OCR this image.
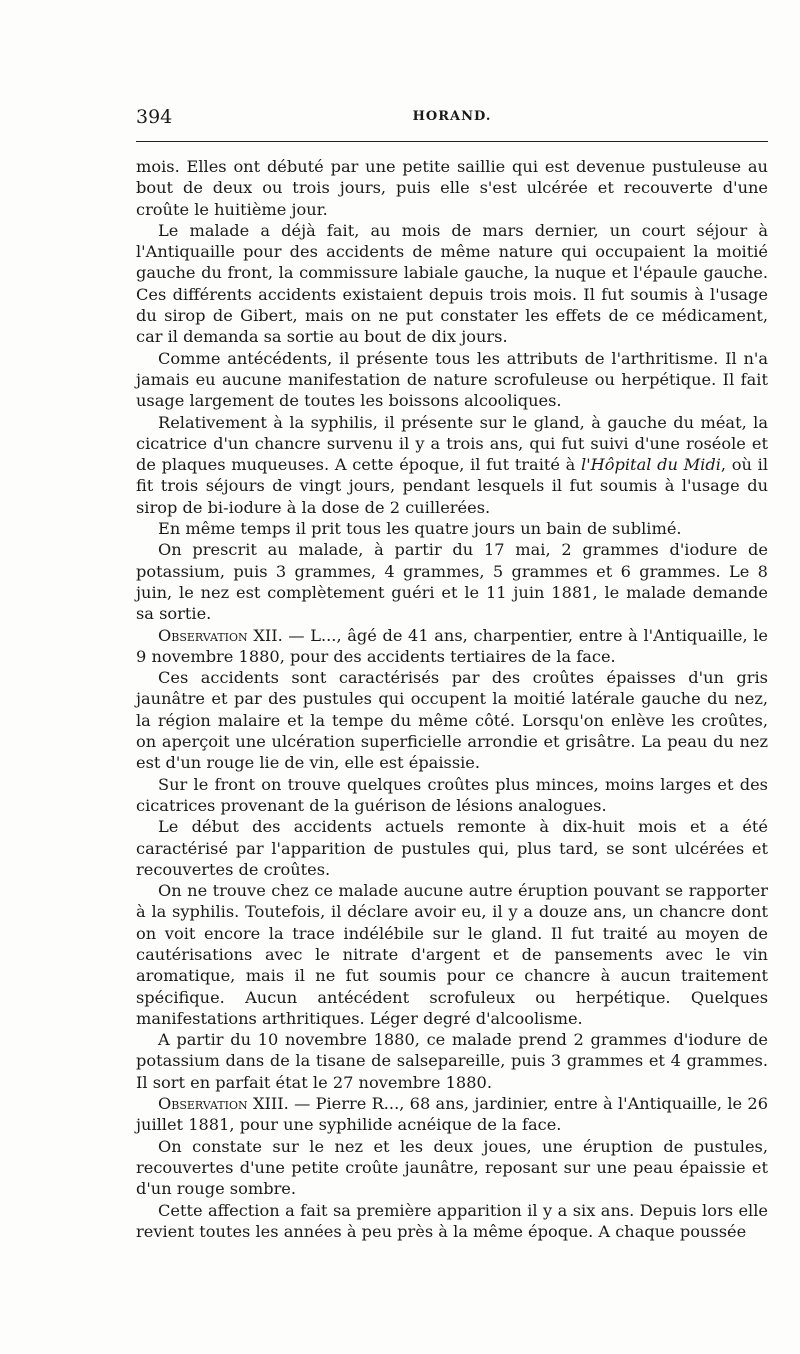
394	HORAND.

mois. Elles ont débuté par une petite saillie qui est devenue pustuleuse au bout de deux ou trois jours, puis elle s'est ulcérée et recouverte d'une croûte le huitième jour.

Le malade a déjà fait, au mois de mars dernier, un court séjour à l'Antiquaille pour des accidents de même nature qui occupaient la moitié gauche du front, la commissure labiale gauche, la nuque et l'épaule gauche. Ces différents accidents existaient depuis trois mois. Il fut soumis à l'usage du sirop de Gibert, mais on ne put constater les effets de ce médicament, car il demanda sa sortie au bout de dix jours.

Comme antécédents, il présente tous les attributs de l'arthritisme. Il n'a jamais eu aucune manifestation de nature scrofuleuse ou herpétique. Il fait usage largement de toutes les boissons alcooliques.

Relativement à la syphilis, il présente sur le gland, à gauche du méat, la cicatrice d'un chancre survenu il y a trois ans, qui fut suivi d'une roséole et de plaques muqueuses. A cette époque, il fut traité à l'Hôpital du Midi, où il fit trois séjours de vingt jours, pendant lesquels il fut soumis à l'usage du sirop de bi-iodure à la dose de 2 cuillerées.

En même temps il prit tous les quatre jours un bain de sublimé.

On prescrit au malade, à partir du 17 mai, 2 grammes d'iodure de potassium, puis 3 grammes, 4 grammes, 5 grammes et 6 grammes. Le 8 juin, le nez est complètement guéri et le 11 juin 1881, le malade demande sa sortie.

Observation XII. — L..., âgé de 41 ans, charpentier, entre à l'Antiquaille, le 9 novembre 1880, pour des accidents tertiaires de la face.

Ces accidents sont caractérisés par des croûtes épaisses d'un gris jaunâtre et par des pustules qui occupent la moitié latérale gauche du nez, la région malaire et la tempe du même côté. Lorsqu'on enlève les croûtes, on aperçoit une ulcération superficielle arrondie et grisâtre. La peau du nez est d'un rouge lie de vin, elle est épaissie.

Sur le front on trouve quelques croûtes plus minces, moins larges et des cicatrices provenant de la guérison de lésions analogues.

Le début des accidents actuels remonte à dix-huit mois et a été caractérisé par l'apparition de pustules qui, plus tard, se sont ulcérées et recouvertes de croûtes.

On ne trouve chez ce malade aucune autre éruption pouvant se rapporter à la syphilis. Toutefois, il déclare avoir eu, il y a douze ans, un chancre dont on voit encore la trace indélébile sur le gland. Il fut traité au moyen de cautérisations avec le nitrate d'argent et de pansements avec le vin aromatique, mais il ne fut soumis pour ce chancre à aucun traitement spécifique. Aucun antécédent scrofuleux ou herpétique. Quelques manifestations arthritiques. Léger degré d'alcoolisme.

A partir du 10 novembre 1880, ce malade prend 2 grammes d'iodure de potassium dans de la tisane de salsepareille, puis 3 grammes et 4 grammes. Il sort en parfait état le 27 novembre 1880.

Observation XIII. — Pierre R..., 68 ans, jardinier, entre à l'Antiquaille, le 26 juillet 1881, pour une syphilide acnéique de la face.

On constate sur le nez et les deux joues, une éruption de pustules, recouvertes d'une petite croûte jaunâtre, reposant sur une peau épaissie et d'un rouge sombre.

Cette affection a fait sa première apparition il y a six ans. Depuis lors elle revient toutes les années à peu près à la même époque. A chaque poussée
